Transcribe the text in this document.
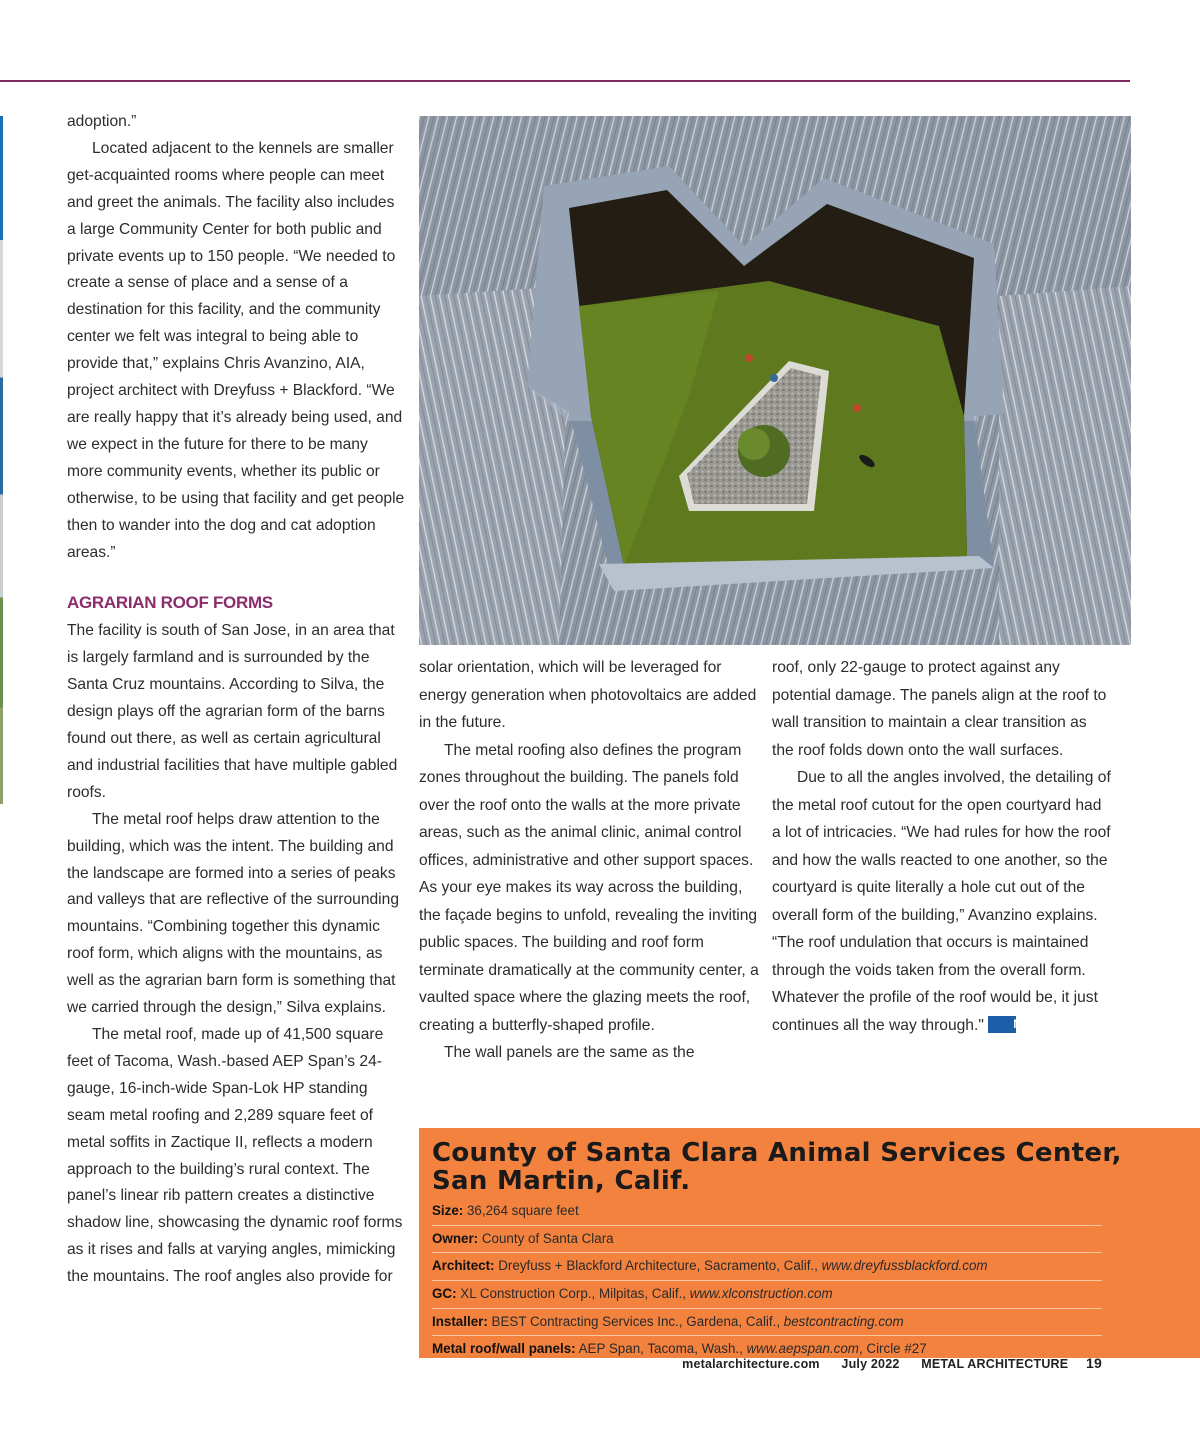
adoption.”

Located adjacent to the kennels are smaller get-acquainted rooms where people can meet and greet the animals. The facility also includes a large Community Center for both public and private events up to 150 people. “We needed to create a sense of place and a sense of a destination for this facility, and the community center we felt was integral to being able to provide that,” explains Chris Avanzino, AIA, project architect with Dreyfuss + Blackford. “We are really happy that it’s already being used, and we expect in the future for there to be many more community events, whether its public or otherwise, to be using that facility and get people then to wander into the dog and cat adoption areas.”

AGRARIAN ROOF FORMS

The facility is south of San Jose, in an area that is largely farmland and is surrounded by the Santa Cruz mountains. According to Silva, the design plays off the agrarian form of the barns found out there, as well as certain agricultural and industrial facilities that have multiple gabled roofs.

The metal roof helps draw attention to the building, which was the intent. The building and the landscape are formed into a series of peaks and valleys that are reflective of the surrounding mountains. “Combining together this dynamic roof form, which aligns with the mountains, as well as the agrarian barn form is something that we carried through the design,” Silva explains.

The metal roof, made up of 41,500 square feet of Tacoma, Wash.-based AEP Span’s 24-gauge, 16-inch-wide Span-Lok HP standing seam metal roofing and 2,289 square feet of metal soffits in Zactique II, reflects a modern approach to the building’s rural context. The panel’s linear rib pattern creates a distinctive shadow line, showcasing the dynamic roof forms as it rises and falls at varying angles, mimicking the mountains. The roof angles also provide for

solar orientation, which will be leveraged for energy generation when photovoltaics are added in the future.

The metal roofing also defines the program zones throughout the building. The panels fold over the roof onto the walls at the more private areas, such as the animal clinic, animal control offices, administrative and other support spaces. As your eye makes its way across the building, the façade begins to unfold, revealing the inviting public spaces. The building and roof form terminate dramatically at the community center, a vaulted space where the glazing meets the roof, creating a butterfly-shaped profile.

The wall panels are the same as the

roof, only 22-gauge to protect against any potential damage. The panels align at the roof to wall transition to maintain a clear transition as the roof folds down onto the wall surfaces.

Due to all the angles involved, the detailing of the metal roof cutout for the open courtyard had a lot of intricacies. “We had rules for how the roof and how the walls reacted to one another, so the courtyard is quite literally a hole cut out of the overall form of the building,” Avanzino explains. “The roof undulation that occurs is maintained through the voids taken from the overall form. Whatever the profile of the roof would be, it just continues all the way through." MA

County of Santa Clara Animal Services Center, San Martin, Calif.
Size: 36,264 square feet
Owner: County of Santa Clara
Architect: Dreyfuss + Blackford Architecture, Sacramento, Calif., www.dreyfussblackford.com
GC: XL Construction Corp., Milpitas, Calif., www.xlconstruction.com
Installer: BEST Contracting Services Inc., Gardena, Calif., bestcontracting.com
Metal roof/wall panels: AEP Span, Tacoma, Wash., www.aepspan.com, Circle #27
metalarchitecture.com July 2022 METAL ARCHITECTURE 19
